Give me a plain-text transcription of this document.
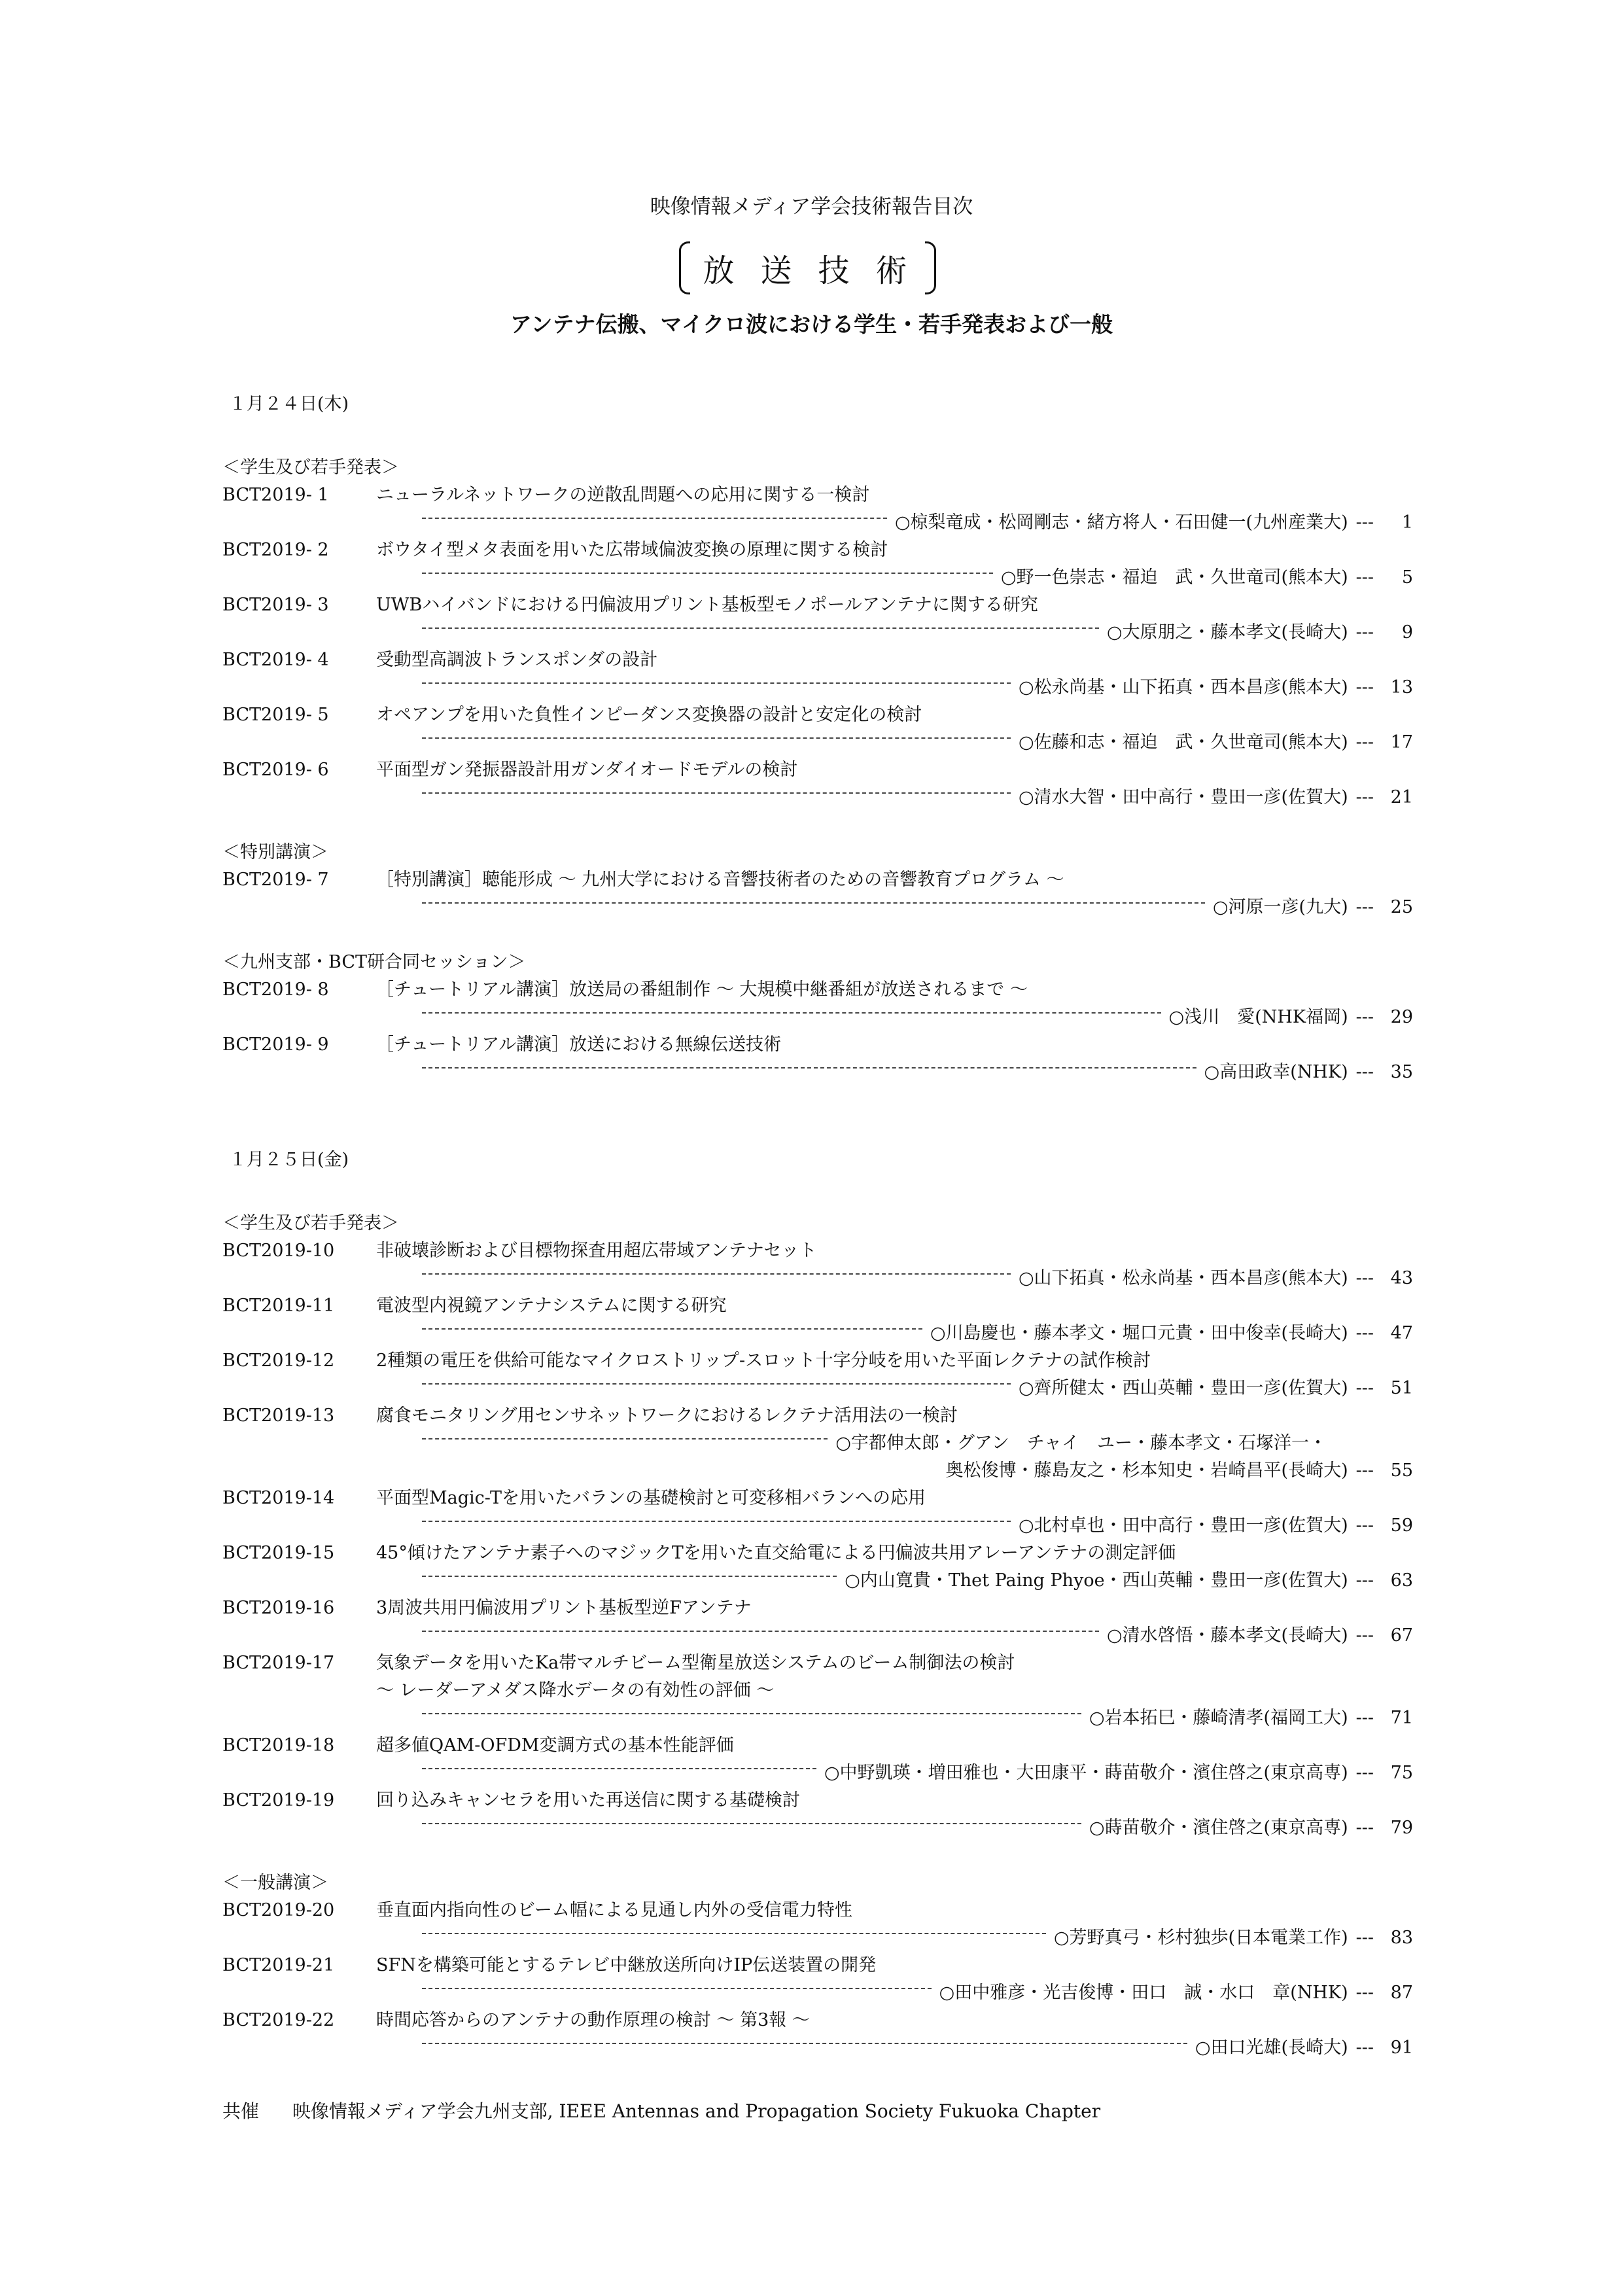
映像情報メディア学会技術報告目次
放送技術
アンテナ伝搬、マイクロ波における学生・若手発表および一般
１月２４日(木)
＜学生及び若手発表＞
BCT2019- 1	ニューラルネットワークの逆散乱問題への応用に関する一検討
○椋梨竜成・松岡剛志・緒方将人・石田健一(九州産業大) ---	1
BCT2019- 2	ボウタイ型メタ表面を用いた広帯域偏波変換の原理に関する検討
○野一色崇志・福迫　武・久世竜司(熊本大) ---	5
BCT2019- 3	UWBハイバンドにおける円偏波用プリント基板型モノポールアンテナに関する研究
○大原朋之・藤本孝文(長崎大) ---	9
BCT2019- 4	受動型高調波トランスポンダの設計
○松永尚基・山下拓真・西本昌彦(熊本大) --- 13
BCT2019- 5	オペアンプを用いた負性インピーダンス変換器の設計と安定化の検討
○佐藤和志・福迫　武・久世竜司(熊本大) --- 17
BCT2019- 6	平面型ガン発振器設計用ガンダイオードモデルの検討
○清水大智・田中高行・豊田一彦(佐賀大) --- 21
＜特別講演＞
BCT2019- 7	［特別講演］聴能形成 ～ 九州大学における音響技術者のための音響教育プログラム ～
○河原一彦(九大) --- 25
＜九州支部・BCT研合同セッション＞
BCT2019- 8	［チュートリアル講演］放送局の番組制作 ～ 大規模中継番組が放送されるまで ～
○浅川　愛(NHK福岡) --- 29
BCT2019- 9	［チュートリアル講演］放送における無線伝送技術
○高田政幸(NHK) --- 35
１月２５日(金)
＜学生及び若手発表＞
BCT2019-10	非破壊診断および目標物探査用超広帯域アンテナセット
○山下拓真・松永尚基・西本昌彦(熊本大) --- 43
BCT2019-11	電波型内視鏡アンテナシステムに関する研究
○川島慶也・藤本孝文・堀口元貴・田中俊幸(長崎大) --- 47
BCT2019-12	2種類の電圧を供給可能なマイクロストリップ‐スロット十字分岐を用いた平面レクテナの試作検討
○齊所健太・西山英輔・豊田一彦(佐賀大) --- 51
BCT2019-13	腐食モニタリング用センサネットワークにおけるレクテナ活用法の一検討
○宇都伸太郎・グアン　チャイ　ユー・藤本孝文・石塚洋一・
奥松俊博・藤島友之・杉本知史・岩崎昌平(長崎大) --- 55
BCT2019-14	平面型Magic-Tを用いたバランの基礎検討と可変移相バランへの応用
○北村卓也・田中高行・豊田一彦(佐賀大) --- 59
BCT2019-15	45°傾けたアンテナ素子へのマジックTを用いた直交給電による円偏波共用アレーアンテナの測定評価
○内山寛貴・Thet Paing Phyoe・西山英輔・豊田一彦(佐賀大) --- 63
BCT2019-16	3周波共用円偏波用プリント基板型逆Fアンテナ
○清水啓悟・藤本孝文(長崎大) --- 67
BCT2019-17	気象データを用いたKa帯マルチビーム型衛星放送システムのビーム制御法の検討
～ レーダーアメダス降水データの有効性の評価 ～
○岩本拓巳・藤崎清孝(福岡工大) --- 71
BCT2019-18	超多値QAM-OFDM変調方式の基本性能評価
○中野凱瑛・増田雅也・大田康平・蒔苗敬介・濱住啓之(東京高専) --- 75
BCT2019-19	回り込みキャンセラを用いた再送信に関する基礎検討
○蒔苗敬介・濱住啓之(東京高専) --- 79
＜一般講演＞
BCT2019-20	垂直面内指向性のビーム幅による見通し内外の受信電力特性
○芳野真弓・杉村独歩(日本電業工作) --- 83
BCT2019-21	SFNを構築可能とするテレビ中継放送所向けIP伝送装置の開発
○田中雅彦・光吉俊博・田口　誠・水口　章(NHK) --- 87
BCT2019-22	時間応答からのアンテナの動作原理の検討 ～ 第3報 ～
○田口光雄(長崎大) --- 91
共催 映像情報メディア学会九州支部, IEEE Antennas and Propagation Society Fukuoka Chapter
